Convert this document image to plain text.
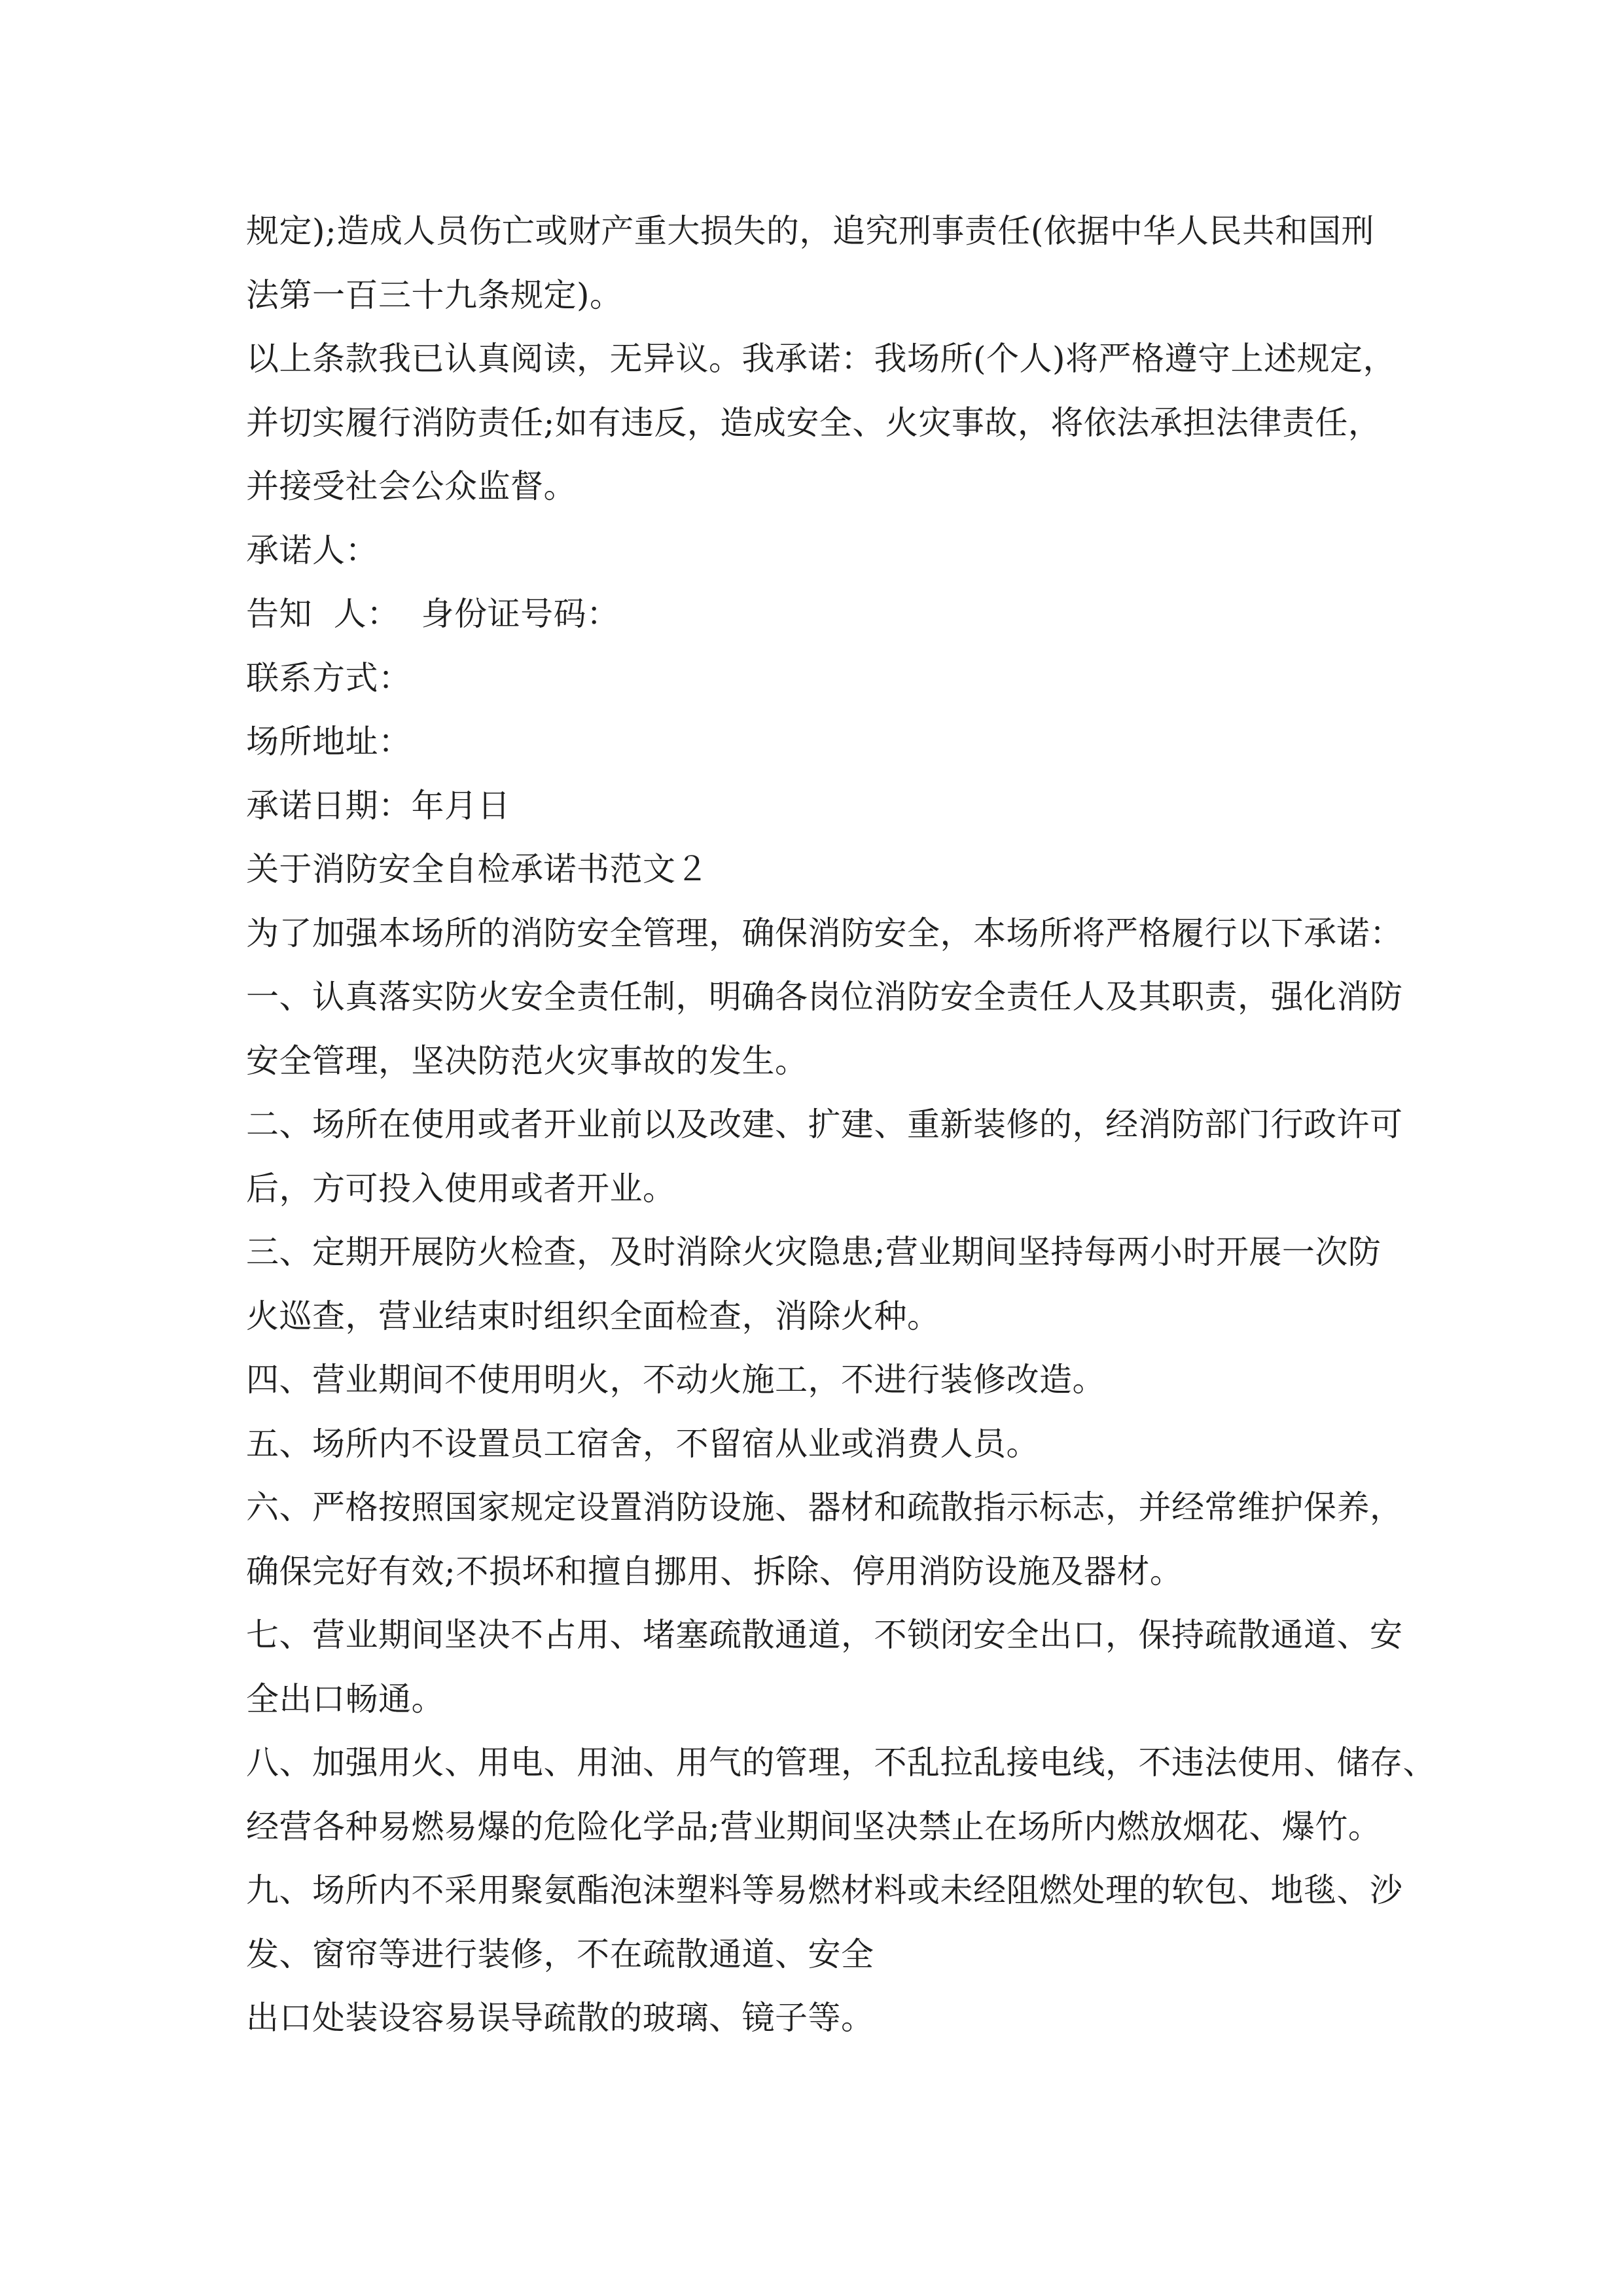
规定);造成人员伤亡或财产重大损失的，追究刑事责任(依据中华人民共和国刑
法第一百三十九条规定)。
以上条款我已认真阅读，无异议。我承诺：我场所(个人)将严格遵守上述规定，
并切实履行消防责任;如有违反，造成安全、火灾事故，将依法承担法律责任，
并接受社会公众监督。
承诺人：
告知  人：  身份证号码：
联系方式：
场所地址：
承诺日期：年月日
关于消防安全自检承诺书范文２
为了加强本场所的消防安全管理，确保消防安全，本场所将严格履行以下承诺：
一、认真落实防火安全责任制，明确各岗位消防安全责任人及其职责，强化消防
安全管理，坚决防范火灾事故的发生。
二、场所在使用或者开业前以及改建、扩建、重新装修的，经消防部门行政许可
后，方可投入使用或者开业。
三、定期开展防火检查，及时消除火灾隐患;营业期间坚持每两小时开展一次防
火巡查，营业结束时组织全面检查，消除火种。
四、营业期间不使用明火，不动火施工，不进行装修改造。
五、场所内不设置员工宿舍，不留宿从业或消费人员。
六、严格按照国家规定设置消防设施、器材和疏散指示标志，并经常维护保养，
确保完好有效;不损坏和擅自挪用、拆除、停用消防设施及器材。
七、营业期间坚决不占用、堵塞疏散通道，不锁闭安全出口，保持疏散通道、安
全出口畅通。
八、加强用火、用电、用油、用气的管理，不乱拉乱接电线，不违法使用、储存、
经营各种易燃易爆的危险化学品;营业期间坚决禁止在场所内燃放烟花、爆竹。
九、场所内不采用聚氨酯泡沫塑料等易燃材料或未经阻燃处理的软包、地毯、沙
发、窗帘等进行装修，不在疏散通道、安全
出口处装设容易误导疏散的玻璃、镜子等。
